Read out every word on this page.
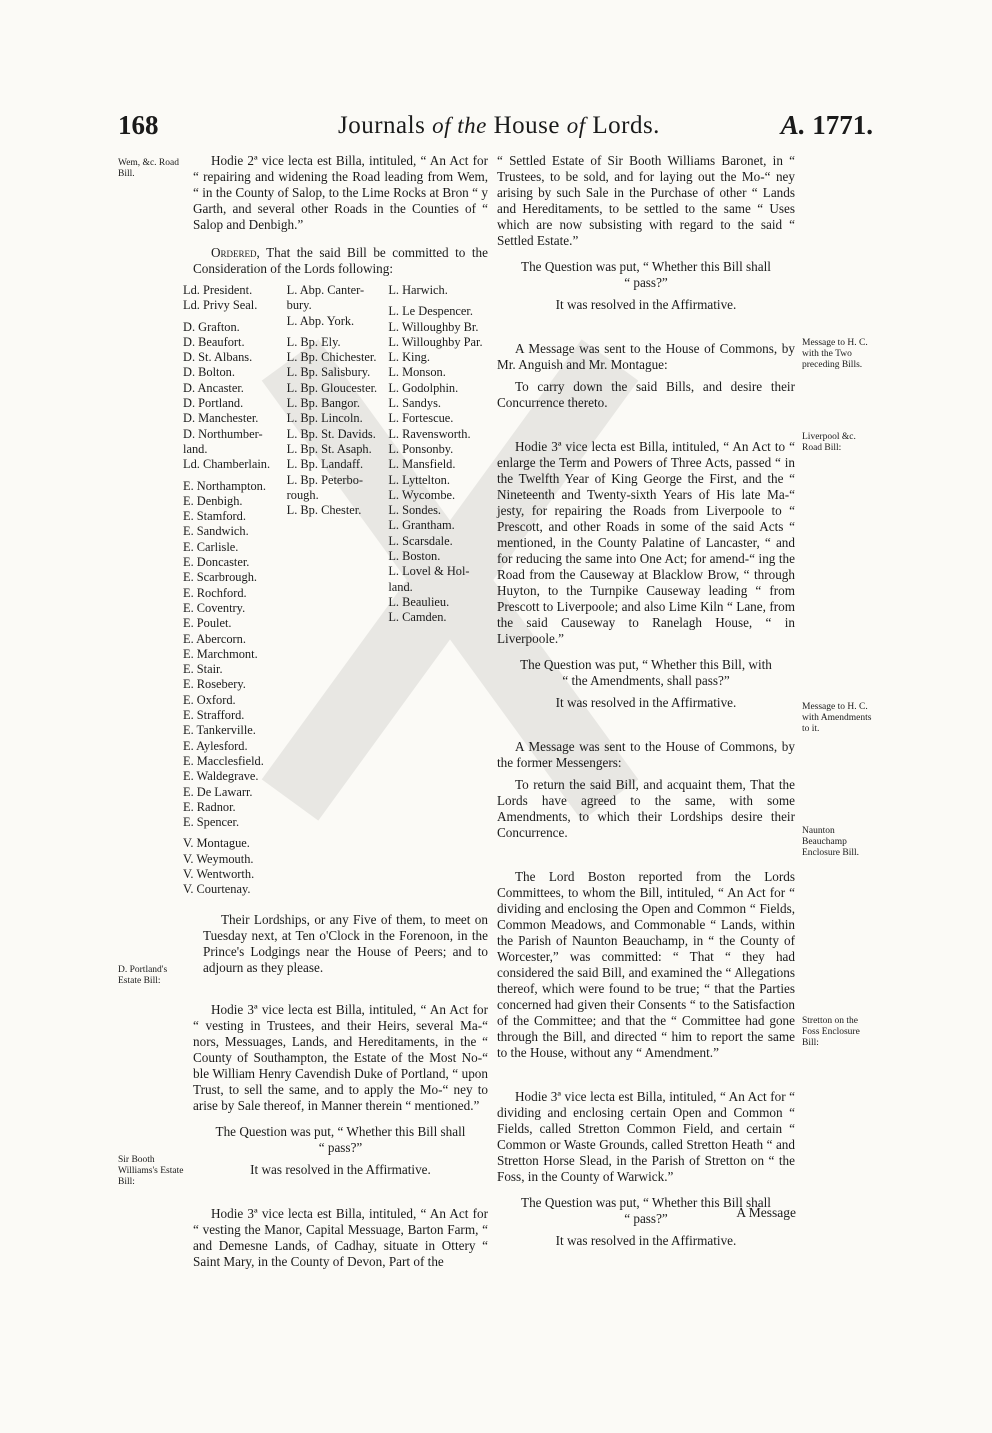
168	Journals of the House of Lords.	A. 1771.
Wem, &c. Road Bill.
D. Portland's Estate Bill:
Sir Booth Williams's Estate Bill:
Message to H. C. with the Two preceding Bills.
Liverpool &c. Road Bill:
Message to H. C. with Amendments to it.
Naunton Beauchamp Enclosure Bill.
Stretton on the Foss Enclosure Bill:

Hodie 2ª vice lecta est Billa, intituled, “ An Act for “ repairing and widening the Road leading from Wem, “ in the County of Salop, to the Lime Rocks at Bron “ y Garth, and several other Roads in the Counties of “ Salop and Denbigh.”

Ordered, That the said Bill be committed to the Consideration of the Lords following:

Ld. President.
Ld. Privy Seal.
D. Grafton.
D. Beaufort.
D. St. Albans.
D. Bolton.
D. Ancaster.
D. Portland.
D. Manchester.
D. Northumber-
land.
Ld. Chamberlain.
E. Northampton.
E. Denbigh.
E. Stamford.
E. Sandwich.
E. Carlisle.
E. Doncaster.
E. Scarbrough.
E. Rochford.
E. Coventry.
E. Poulet.
E. Abercorn.
E. Marchmont.
E. Stair.
E. Rosebery.
E. Oxford.
E. Strafford.
E. Tankerville.
E. Aylesford.
E. Macclesfield.
E. Waldegrave.
E. De Lawarr.
E. Radnor.
E. Spencer.
V. Montague.
V. Weymouth.
V. Wentworth.
V. Courtenay.
L. Abp. Canter-
bury.
L. Abp. York.
L. Bp. Ely.
L. Bp. Chichester.
L. Bp. Salisbury.
L. Bp. Gloucester.
L. Bp. Bangor.
L. Bp. Lincoln.
L. Bp. St. Davids.
L. Bp. St. Asaph.
L. Bp. Landaff.
L. Bp. Peterbo-
rough.
L. Bp. Chester.
L. Harwich.
L. Le Despencer.
L. Willoughby Br.
L. Willoughby Par.
L. King.
L. Monson.
L. Godolphin.
L. Sandys.
L. Fortescue.
L. Ravensworth.
L. Ponsonby.
L. Mansfield.
L. Lyttelton.
L. Wycombe.
L. Sondes.
L. Grantham.
L. Scarsdale.
L. Boston.
L. Lovel & Hol-
land.
L. Beaulieu.
L. Camden.

Their Lordships, or any Five of them, to meet on Tuesday next, at Ten o'Clock in the Forenoon, in the Prince's Lodgings near the House of Peers; and to adjourn as they please.

Hodie 3ª vice lecta est Billa, intituled, “ An Act for “ vesting in Trustees, and their Heirs, several Ma-“ nors, Messuages, Lands, and Hereditaments, in the “ County of Southampton, the Estate of the Most No-“ ble William Henry Cavendish Duke of Portland, “ upon Trust, to sell the same, and to apply the Mo-“ ney to arise by Sale thereof, in Manner therein “ mentioned.”

The Question was put, “ Whether this Bill shall “ pass?”

It was resolved in the Affirmative.

Hodie 3ª vice lecta est Billa, intituled, “ An Act for “ vesting the Manor, Capital Messuage, Barton Farm, “ and Demesne Lands, of Cadhay, situate in Ottery “ Saint Mary, in the County of Devon, Part of the

“ Settled Estate of Sir Booth Williams Baronet, in “ Trustees, to be sold, and for laying out the Mo-“ ney arising by such Sale in the Purchase of other “ Lands and Hereditaments, to be settled to the same “ Uses which are now subsisting with regard to the said “ Settled Estate.”

The Question was put, “ Whether this Bill shall “ pass?”

It was resolved in the Affirmative.

A Message was sent to the House of Commons, by Mr. Anguish and Mr. Montague:

To carry down the said Bills, and desire their Concurrence thereto.

Hodie 3ª vice lecta est Billa, intituled, “ An Act to “ enlarge the Term and Powers of Three Acts, passed “ in the Twelfth Year of King George the First, and the “ Nineteenth and Twenty-sixth Years of His late Ma-“ jesty, for repairing the Roads from Liverpoole to “ Prescott, and other Roads in some of the said Acts “ mentioned, in the County Palatine of Lancaster, “ and for reducing the same into One Act; for amend-“ ing the Road from the Causeway at Blacklow Brow, “ through Huyton, to the Turnpike Causeway leading “ from Prescott to Liverpoole; and also Lime Kiln “ Lane, from the said Causeway to Ranelagh House, “ in Liverpoole.”

The Question was put, “ Whether this Bill, with “ the Amendments, shall pass?”

It was resolved in the Affirmative.

A Message was sent to the House of Commons, by the former Messengers:

To return the said Bill, and acquaint them, That the Lords have agreed to the same, with some Amendments, to which their Lordships desire their Concurrence.

The Lord Boston reported from the Lords Committees, to whom the Bill, intituled, “ An Act for “ dividing and enclosing the Open and Common “ Fields, Common Meadows, and Commonable “ Lands, within the Parish of Naunton Beauchamp, in “ the County of Worcester,” was committed: “ That “ they had considered the said Bill, and examined the “ Allegations thereof, which were found to be true; “ that the Parties concerned had given their Consents “ to the Satisfaction of the Committee; and that the “ Committee had gone through the Bill, and directed “ him to report the same to the House, without any “ Amendment.”

Hodie 3ª vice lecta est Billa, intituled, “ An Act for “ dividing and enclosing certain Open and Common “ Fields, called Stretton Common Field, and certain “ Common or Waste Grounds, called Stretton Heath “ and Stretton Horse Slead, in the Parish of Stretton on “ the Foss, in the County of Warwick.”

The Question was put, “ Whether this Bill shall “ pass?”

It was resolved in the Affirmative.

A Message
